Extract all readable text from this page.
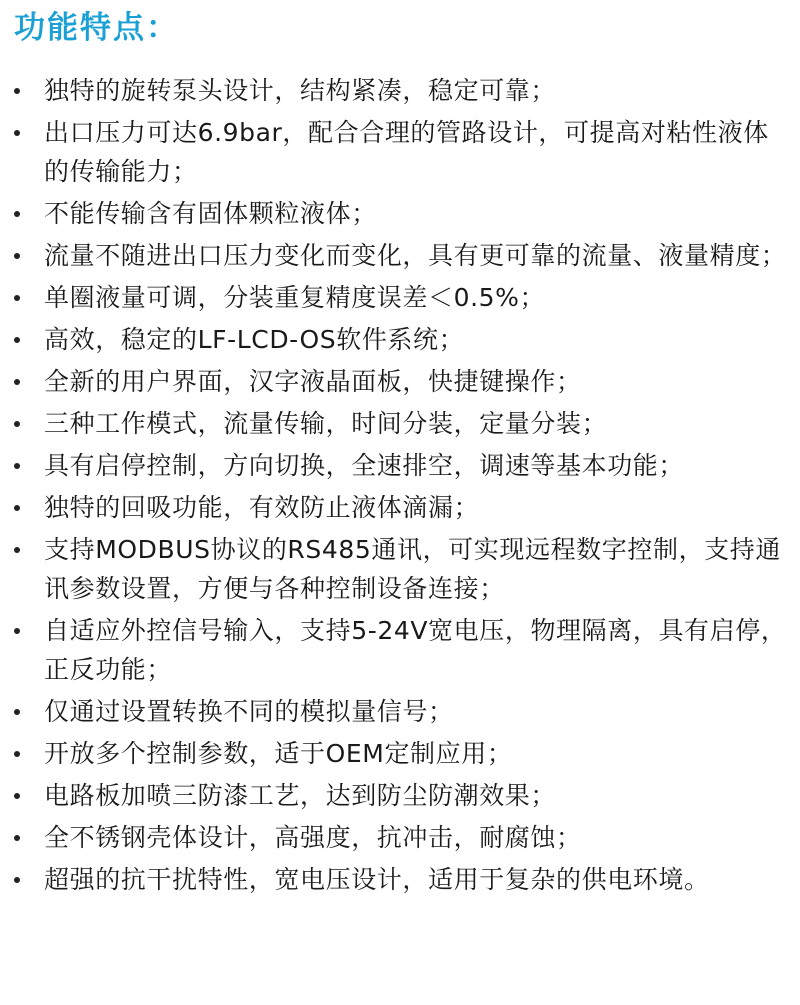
功能特点：
独特的旋转泵头设计，结构紧凑，稳定可靠；
出口压力可达6.9bar，配合合理的管路设计，可提高对粘性液体的传输能力；
不能传输含有固体颗粒液体；
流量不随进出口压力变化而变化，具有更可靠的流量、液量精度；
单圈液量可调，分装重复精度误差＜0.5%；
高效，稳定的LF-LCD-OS软件系统；
全新的用户界面，汉字液晶面板，快捷键操作；
三种工作模式，流量传输，时间分装，定量分装；
具有启停控制，方向切换，全速排空，调速等基本功能；
独特的回吸功能，有效防止液体滴漏；
支持MODBUS协议的RS485通讯，可实现远程数字控制，支持通讯参数设置，方便与各种控制设备连接；
自适应外控信号输入，支持5-24V宽电压，物理隔离，具有启停，正反功能；
仅通过设置转换不同的模拟量信号；
开放多个控制参数，适于OEM定制应用；
电路板加喷三防漆工艺，达到防尘防潮效果；
全不锈钢壳体设计，高强度，抗冲击，耐腐蚀；
超强的抗干扰特性，宽电压设计，适用于复杂的供电环境。
